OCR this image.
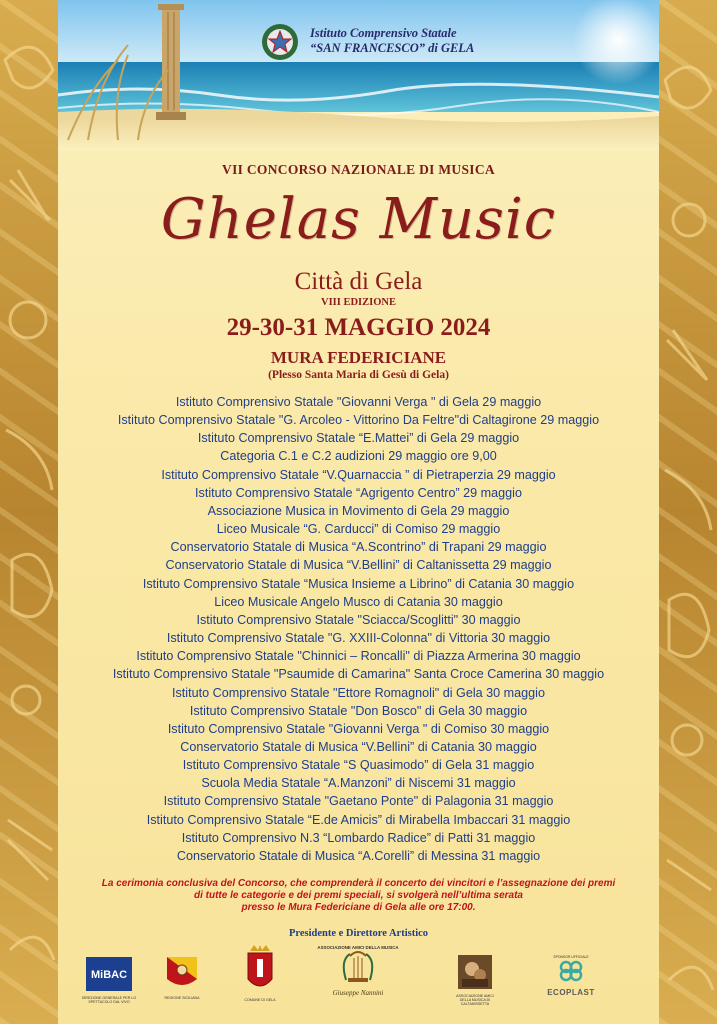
Istituto Comprensivo Statale
“SAN FRANCESCO” di GELA
VII CONCORSO NAZIONALE DI MUSICA
Ghelas Music
Città di Gela
VIII EDIZIONE
29-30-31 MAGGIO 2024
MURA FEDERICIANE
(Plesso Santa Maria di Gesù di Gela)
Istituto Comprensivo Statale "Giovanni Verga " di Gela 29 maggio
Istituto Comprensivo Statale "G. Arcoleo - Vittorino Da Feltre"di Caltagirone 29 maggio
Istituto Comprensivo Statale “E.Mattei” di Gela 29 maggio
Categoria C.1 e C.2 audizioni 29 maggio ore 9,00
Istituto Comprensivo Statale “V.Quarnaccia ” di Pietraperzia 29 maggio
Istituto Comprensivo Statale “Agrigento Centro” 29 maggio
Associazione Musica in Movimento di Gela 29 maggio
Liceo Musicale “G. Carducci” di Comiso 29 maggio
Conservatorio Statale di Musica “A.Scontrino” di Trapani 29 maggio
Conservatorio Statale di Musica “V.Bellini” di Caltanissetta 29 maggio
Istituto Comprensivo Statale “Musica Insieme a Librino” di Catania 30 maggio
Liceo Musicale Angelo Musco di Catania 30 maggio
Istituto Comprensivo Statale "Sciacca/Scoglitti" 30 maggio
Istituto Comprensivo Statale "G. XXIII-Colonna" di Vittoria 30 maggio
Istituto Comprensivo Statale "Chinnici – Roncalli" di Piazza Armerina 30 maggio
Istituto Comprensivo Statale "Psaumide di Camarina" Santa Croce Camerina 30 maggio
Istituto Comprensivo Statale "Ettore Romagnoli" di Gela 30 maggio
Istituto Comprensivo Statale "Don Bosco" di Gela 30 maggio
Istituto Comprensivo Statale "Giovanni Verga " di Comiso 30 maggio
Conservatorio Statale di Musica “V.Bellini” di Catania 30 maggio
Istituto Comprensivo Statale “S Quasimodo” di Gela 31 maggio
Scuola Media Statale “A.Manzoni” di Niscemi 31 maggio
Istituto Comprensivo Statale "Gaetano Ponte" di Palagonia 31 maggio
Istituto Comprensivo Statale “E.de Amicis” di Mirabella Imbaccari 31 maggio
Istituto Comprensivo N.3 “Lombardo Radice” di Patti 31 maggio
Conservatorio Statale di Musica “A.Corelli” di Messina 31 maggio
La cerimonia conclusiva del Concorso, che comprenderà il concerto dei vincitori e l’assegnazione dei premi
di tutte le categorie e dei premi speciali, si svolgerà nell’ultima serata
presso le Mura Federiciane di Gela alle ore 17:00.
Presidente e Direttore Artistico
MiBAC
DIREZIONE GENERALE PER LO SPETTACOLO DAL VIVO
REGIONE SICILIANA	COMUNE DI GELA
ASSOCIAZIONE AMICI DELLA MUSICA
Giuseppe Nannini	ASSOCIAZIONE AMICI DELLA MUSICA DI CALTANISSETTA
SPONSOR UFFICIALE
ECOPLAST
